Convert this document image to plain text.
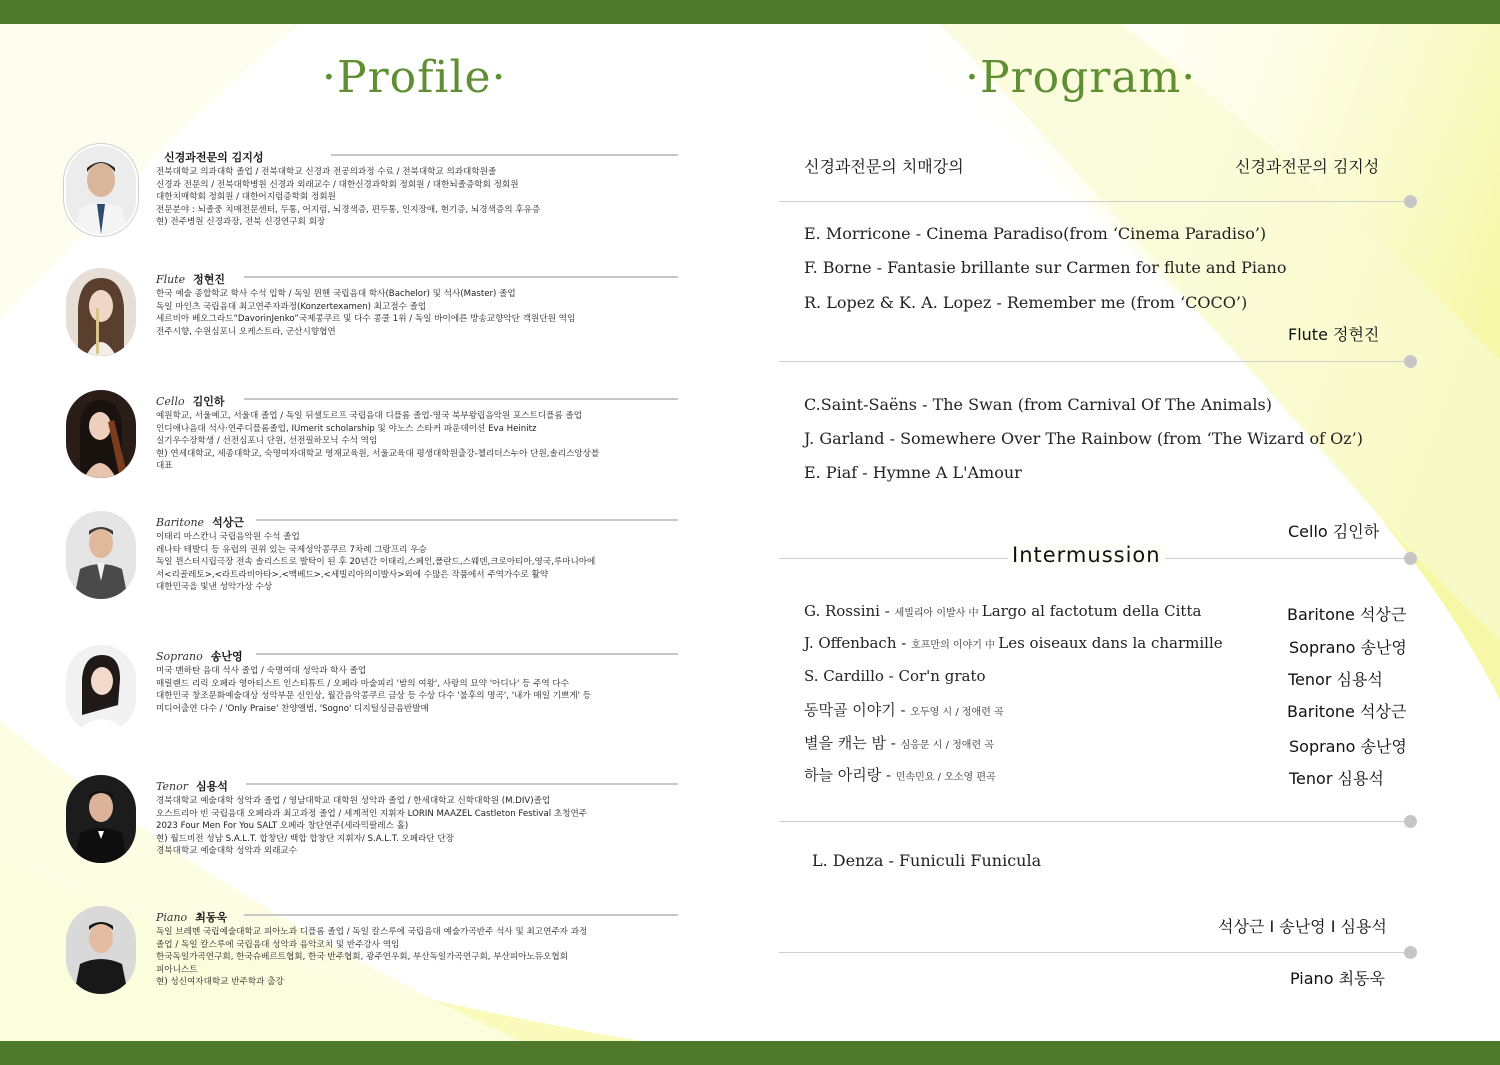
·Profile·	·Program·
신경과전문의 김지성
전북대학교 의과대학 졸업 / 전북대학교 신경과 전공의과정 수료 / 전북대학교 의과대학원졸
신경과 전문의 / 전북대학병원 신경과 외래교수 / 대한신경과학회 정회원 / 대한뇌졸증학회 정회원
대한치매학회 정회원 / 대한어지럼증학회 정회원
전문분야 : 뇌졸중 치매전문센터, 두통, 어지럼, 뇌경색증, 편두통, 인지장애, 현기증, 뇌경색증의 후유증
현) 전주병원 신경과장, 전북 신경연구회 회장
Flute 정현진
한국 예술 종합학교 학사 수석 입학 / 독일 뮌헨 국립음대 학사(Bachelor) 및 석사(Master) 졸업
독일 마인츠 국립음대 최고연주자과정(Konzertexamen) 최고점수 졸업
세르비아 베오그라드“DavorinJenko”국제콩쿠르 및 다수 콩쿨 1위 / 독일 바이에른 방송교향악단 객원단원 역임
전주시향, 수원심포니 오케스트라, 군산시향협연
Cello 김인하
예원학교, 서울예고, 서울대 졸업 / 독일 뒤셀도르프 국립음대 디플롬 졸업-영국 북부왕립음악원 포스트디플롬 졸업
인디애나음대 석사·연주디플롬졸업, IUmerit scholarship 및 야노스 스타커 파운데이션 Eva Heinitz
실기우수장학생 / 선전심포니 단원, 선전필하모닉 수석 역임
현) 연세대학교, 세종대학교, 숙명여자대학교 영재교육원, 서울교육대 평생대학원출강-첼리더스누아 단원,솔리스앙상블
대표
Baritone 석상근
이태리 마스칸니 국립음악원 수석 졸업
레나타 테발디 등 유럽의 권위 있는 국제성악콩쿠르 7차례 그랑프리 우승
독일 뮌스터시립극장 전속 솔리스트로 발탁이 된 후 20년간 이태리,스페인,폴란드,스웨덴,크로아티아,영국,루마니아에
서<리골레토>,<라트라비아타>,<맥베드>,<세빌리아의이발사>외에 수많은 작품에서 주역가수로 활약
대한민국을 빛낸 성악가상 수상
Soprano 송난영
미국 맨하탄 음대 석사 졸업 / 숙명여대 성악과 학사 졸업
매릴랜드 리릭 오페라 영아티스트 인스티튜트 / 오페라 마술피리 '밤의 여왕', 사랑의 묘약 '아디나' 등 주역 다수
대한민국 창조문화예술대상 성악부문 신인상, 월간음악콩쿠르 금상 등 수상 다수 '불후의 명곡', '내가 매일 기쁘게' 등
미디어출연 다수 / 'Only Praise' 찬양앨범, 'Sogno' 디지털싱글음반발매
Tenor 심용석
경북대학교 예술대학 성악과 졸업 / 영남대학교 대학원 성악과 졸업 / 한세대학교 신학대학원 (M.DIV)졸업
오스트리아 빈 국립음대 오페라과 최고과정 졸업 / 세계적인 지휘자 LORIN MAAZEL Castleton Festival 초청연주
2023 Four Men For You SALT 오페라 창단연주(세라믹팔레스 홀)
현) 월드비전 성남 S.A.L.T. 합창단/ 백합 합창단 지휘자/ S.A.L.T. 오페라단 단장
경북대학교 예술대학 성악과 외래교수
Piano 최동욱
독일 브레멘 국립예술대학교 피아노과 디플롬 졸업 / 독일 칼스루에 국립음대 예술가곡반주 석사 및 최고연주자 과정
졸업 / 독일 칼스루에 국립음대 성악과 음악코치 및 반주강사 역임
한국독일가곡연구회, 한국슈베르트협회, 한국 반주협회, 광주연우회, 부산독일가곡연구회, 부산피아노듀오협회
피아니스트
현) 성신여자대학교 반주학과 출강
신경과전문의 치매강의	신경과전문의 김지성
E. Morricone - Cinema Paradiso(from ‘Cinema Paradiso’)
F. Borne - Fantasie brillante sur Carmen for flute and Piano
R. Lopez & K. A. Lopez - Remember me (from ‘COCO’)
Flute 정현진
C.Saint-Saëns - The Swan (from Carnival Of The Animals)
J. Garland - Somewhere Over The Rainbow (from ‘The Wizard of Oz’)
E. Piaf - Hymne A L'Amour
Cello 김인하
Intermussion
G. Rossini - 세빌리아 이발사 中 Largo al factotum della Citta	Baritone 석상근
J. Offenbach - 호프만의 이야기 中 Les oiseaux dans la charmille	Soprano 송난영
S. Cardillo - Cor'n grato	Tenor 심용석
동막골 이야기 - 오두영 시 / 정애련 곡	Baritone 석상근
별을 캐는 밤 - 심응문 시 / 정애련 곡	Soprano 송난영
하늘 아리랑 - 민속민요 / 오소영 편곡	Tenor 심용석
L. Denza - Funiculi Funicula
석상근 I 송난영 I 심용석
Piano 최동욱
